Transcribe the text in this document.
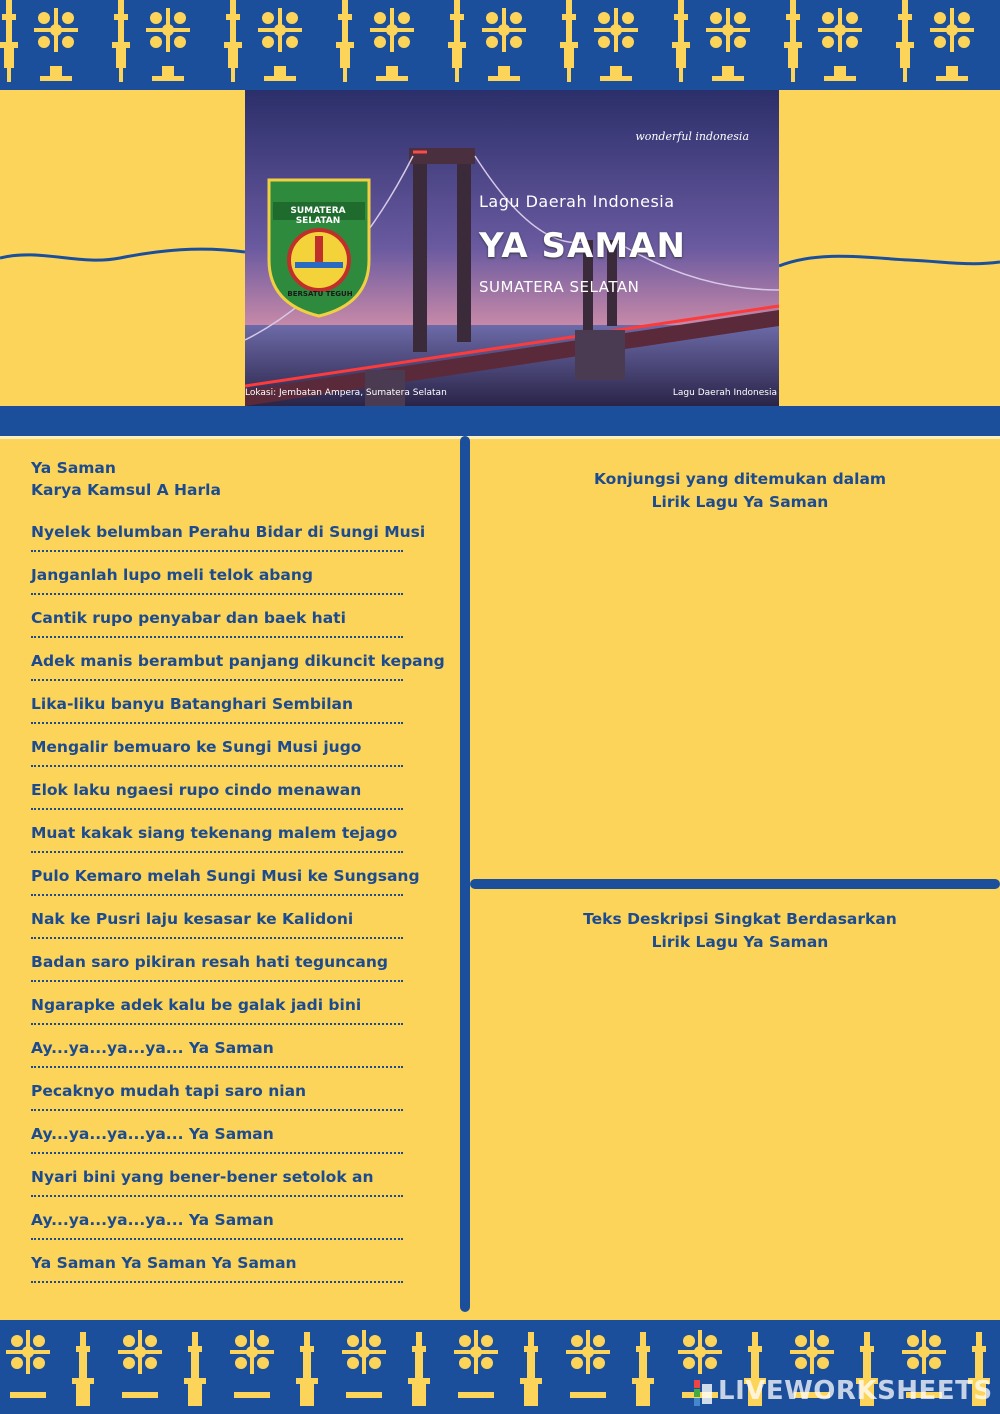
wonderful indonesia
Lagu Daerah Indonesia
YA SAMAN
SUMATERA SELATAN
Lokasi: Jembatan Ampera, Sumatera Selatan	Lagu Daerah Indonesia
SUMATERA SELATAN
BERSATU TEGUH
Ya Saman
Karya Kamsul A Harla
Nyelek belumban Perahu Bidar di Sungi Musi
Janganlah lupo meli telok abang
Cantik rupo penyabar dan baek hati
Adek manis berambut panjang dikuncit kepang
Lika-liku banyu Batanghari Sembilan
Mengalir bemuaro ke Sungi Musi jugo
Elok laku ngaesi rupo cindo menawan
Muat kakak siang tekenang malem tejago
Pulo Kemaro melah Sungi Musi ke Sungsang
Nak ke Pusri laju kesasar ke Kalidoni
Badan saro pikiran resah hati teguncang
Ngarapke adek kalu be galak jadi bini
Ay...ya...ya...ya... Ya Saman
Pecaknyo mudah tapi saro nian
Ay...ya...ya...ya... Ya Saman
Nyari bini yang bener-bener setolok an
Ay...ya...ya...ya... Ya Saman
Ya Saman Ya Saman Ya Saman
Konjungsi yang ditemukan dalam
Lirik Lagu Ya Saman
Teks Deskripsi Singkat Berdasarkan
Lirik Lagu Ya Saman
LIVEWORKSHEETS
